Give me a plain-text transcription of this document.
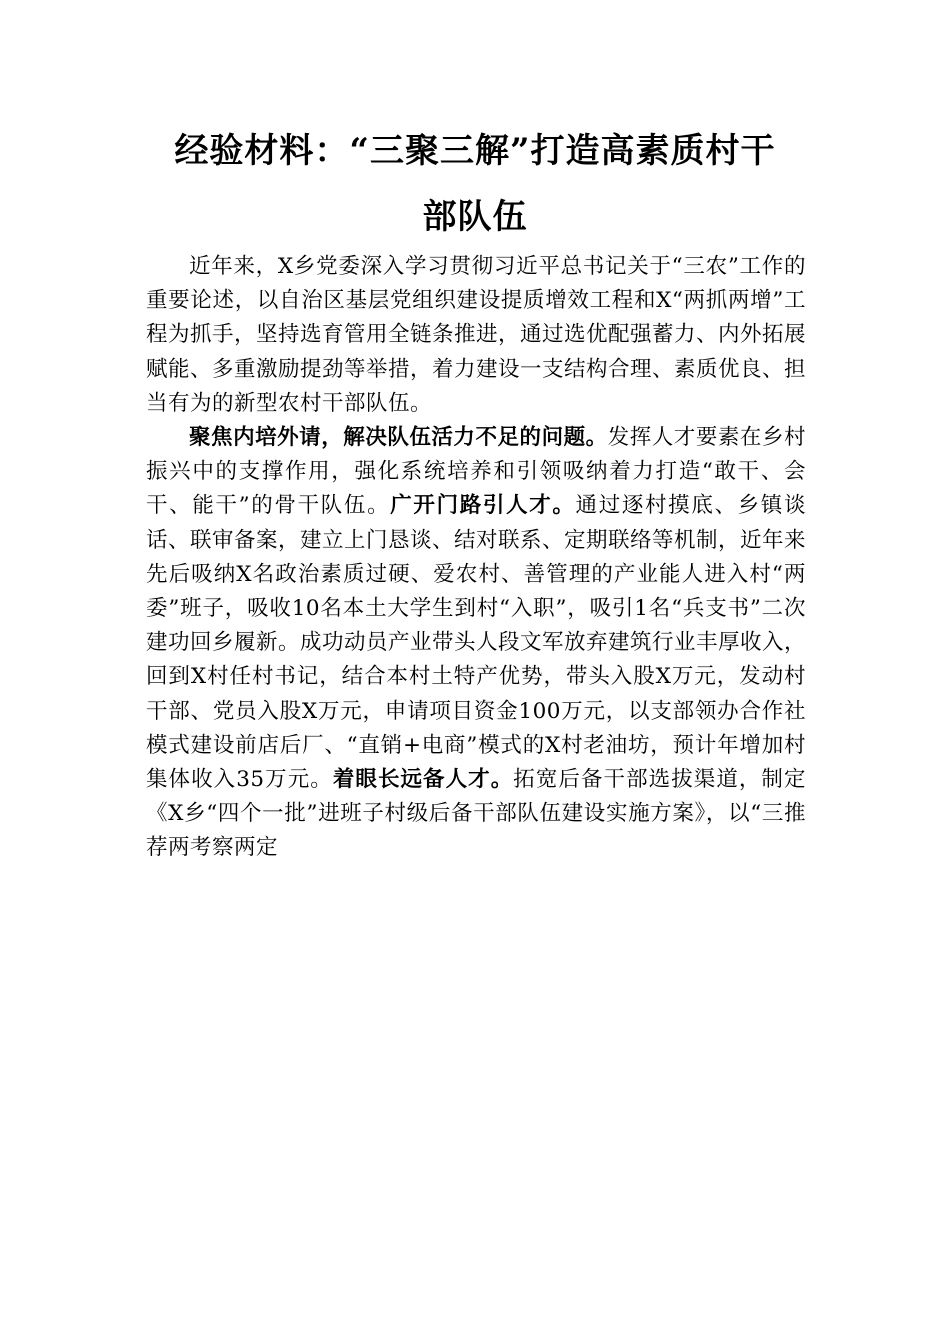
经验材料：“三聚三解”打造高素质村干
部队伍

近年来，X乡党委深入学习贯彻习近平总书记关于“三农”工作的重要论述，以自治区基层党组织建设提质增效工程和X“两抓两增”工程为抓手，坚持选育管用全链条推进，通过选优配强蓄力、内外拓展赋能、多重激励提劲等举措，着力建设一支结构合理、素质优良、担当有为的新型农村干部队伍。

聚焦内培外请，解决队伍活力不足的问题。发挥人才要素在乡村振兴中的支撑作用，强化系统培养和引领吸纳着力打造“敢干、会干、能干”的骨干队伍。广开门路引人才。通过逐村摸底、乡镇谈话、联审备案，建立上门恳谈、结对联系、定期联络等机制，近年来先后吸纳X名政治素质过硬、爱农村、善管理的产业能人进入村“两委”班子，吸收10名本土大学生到村“入职”，吸引1名“兵支书”二次建功回乡履新。成功动员产业带头人段文军放弃建筑行业丰厚收入，回到X村任村书记，结合本村土特产优势，带头入股X万元，发动村干部、党员入股X万元，申请项目资金100万元，以支部领办合作社模式建设前店后厂、“直销+电商”模式的X村老油坊，预计年增加村集体收入35万元。着眼长远备人才。拓宽后备干部选拔渠道，制定《X乡“四个一批”进班子村级后备干部队伍建设实施方案》，以“三推荐两考察两定
